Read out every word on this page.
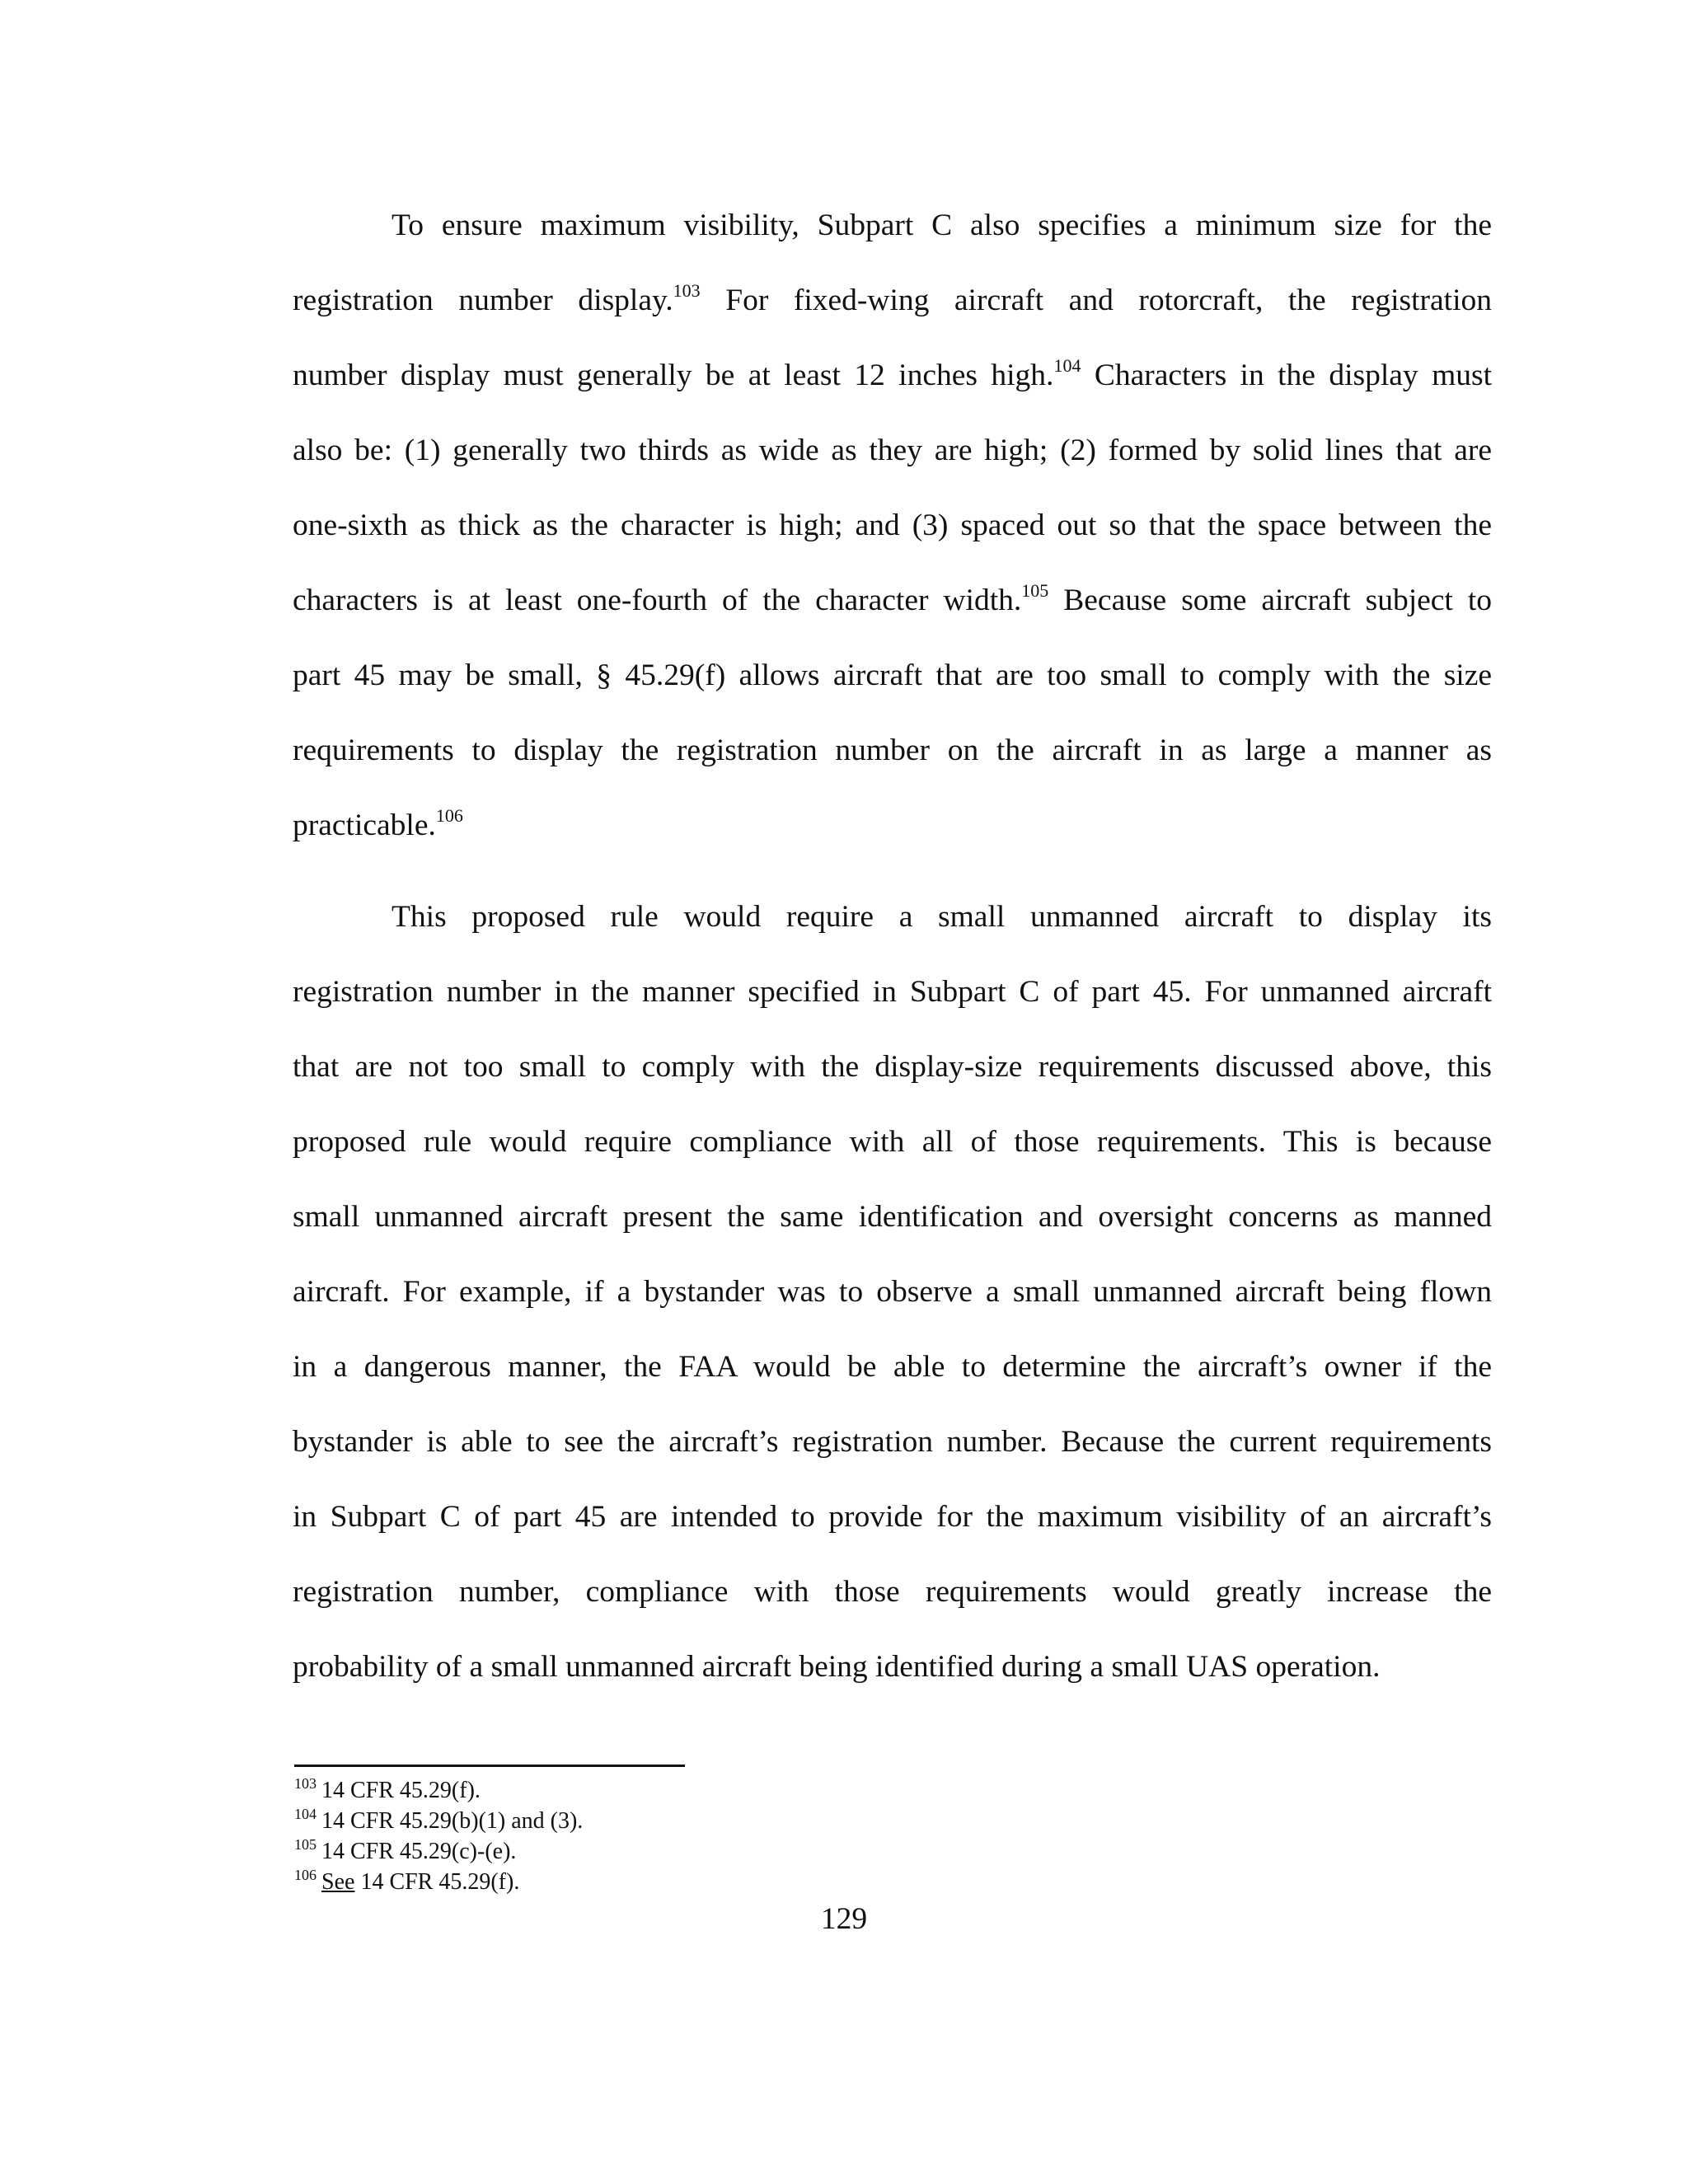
To ensure maximum visibility, Subpart C also specifies a minimum size for the
registration number display.$^{103}$ For fixed-wing aircraft and rotorcraft, the registration
number display must generally be at least 12 inches high.$^{104}$ Characters in the display must
also be: (1) generally two thirds as wide as they are high; (2) formed by solid lines that are
one-sixth as thick as the character is high; and (3) spaced out so that the space between the
characters is at least one-fourth of the character width.$^{105}$ Because some aircraft subject to
part 45 may be small, § 45.29(f) allows aircraft that are too small to comply with the size
requirements to display the registration number on the aircraft in as large a manner as
practicable.$^{106}$
This proposed rule would require a small unmanned aircraft to display its
registration number in the manner specified in Subpart C of part 45. For unmanned aircraft
that are not too small to comply with the display-size requirements discussed above, this
proposed rule would require compliance with all of those requirements. This is because
small unmanned aircraft present the same identification and oversight concerns as manned
aircraft. For example, if a bystander was to observe a small unmanned aircraft being flown
in a dangerous manner, the FAA would be able to determine the aircraft’s owner if the
bystander is able to see the aircraft’s registration number. Because the current requirements
in Subpart C of part 45 are intended to provide for the maximum visibility of an aircraft’s
registration number, compliance with those requirements would greatly increase the
probability of a small unmanned aircraft being identified during a small UAS operation.

$^{103}$ 14 CFR 45.29(f).

$^{104}$ 14 CFR 45.29(b)(1) and (3).

$^{105}$ 14 CFR 45.29(c)-(e).

$^{106}$ See 14 CFR 45.29(f).

129
